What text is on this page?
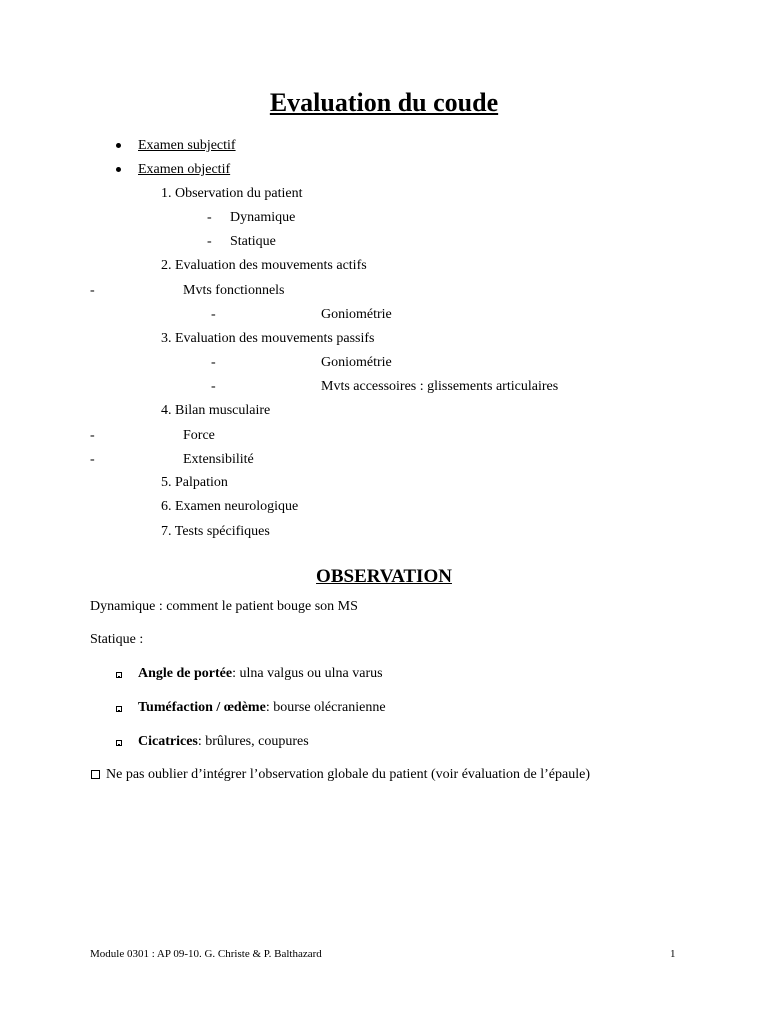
Evaluation du coude
Examen subjectif
Examen objectif
1. Observation du patient
- Dynamique
- Statique
2. Evaluation des mouvements actifs
-	Mvts fonctionnels
-	Goniométrie
3. Evaluation des mouvements passifs
-	Goniométrie
-	Mvts accessoires : glissements articulaires
4. Bilan musculaire
-	Force
-	Extensibilité
5. Palpation
6. Examen neurologique
7. Tests spécifiques
OBSERVATION
Dynamique : comment le patient bouge son MS
Statique :
Angle de portée: ulna valgus ou ulna varus
Tuméfaction / œdème: bourse olécranienne
Cicatrices: brûlures, coupures
Ne pas oublier d’intégrer l’observation globale du patient (voir évaluation de l’épaule)
Module 0301 : AP 09-10. G. Christe & P. Balthazard	1
